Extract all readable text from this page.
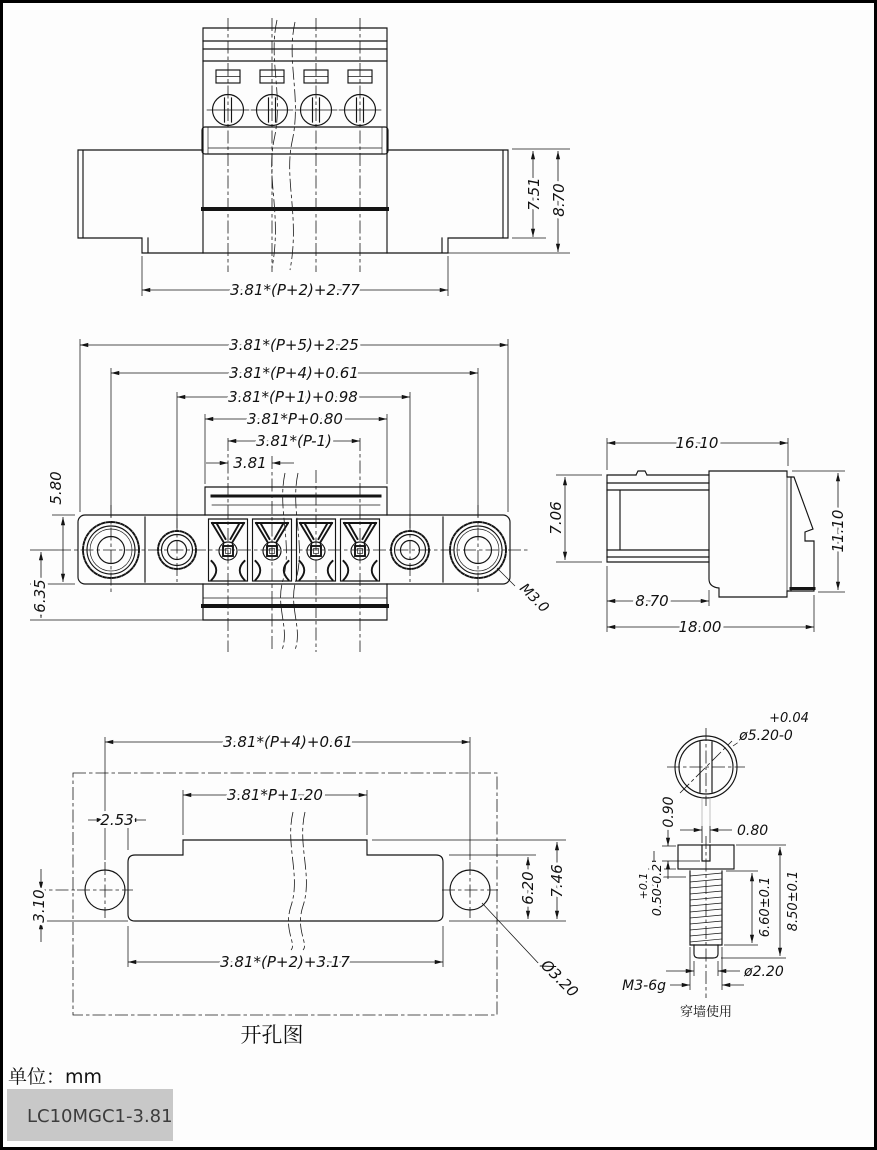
7.51 8.70
3.81*(P+2)+2.77
M3.0
3.81*(P+5)+2.25
3.81*(P+4)+0.61
3.81*(P+1)+0.98
3.81*P+0.80
3.81*(P-1)
3.81
5.80
6.35
16.10
7.06	11.10
8.70
18.00
3.81*(P+4)+0.61
3.81*P+1.20
2.53
3.10
6.20 7.46
3.81*(P+2)+3.17	Ø3.20
开孔图
+0.04
ø5.20-0
0.80
0.90
+0.1 0.50-0.2	6.60±0.1 8.50±0.1
ø2.20
M3-6g
穿墙使用
单位：mm
LC10MGC1-3.81
